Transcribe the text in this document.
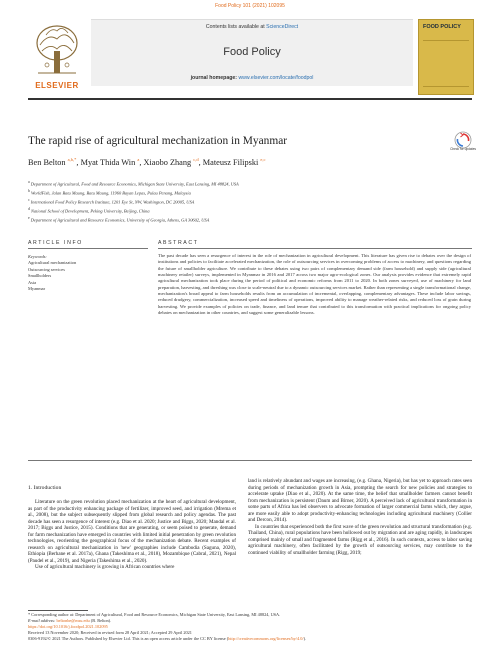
Food Policy 101 (2021) 102095
ELSEVIER
Contents lists available at ScienceDirect
Food Policy
journal homepage: www.elsevier.com/locate/foodpol
FOOD POLICY
The rapid rise of agricultural mechanization in Myanmar
Check for updates
Ben Belton $^{a,b,*}$, Myat Thida Win $^a$, Xiaobo Zhang $^{c,d}$, Mateusz Filipski $^{e,c}$
a Department of Agricultural, Food and Resource Economics, Michigan State University, East Lansing, MI 48824, USA
b WorldFish, Jalan Batu Maung, Batu Maung, 11960 Bayan Lepas, Pulau Penang, Malaysia
c International Food Policy Research Institute, 1201 Eye St, NW, Washington, DC 20005, USA
d National School of Development, Peking University, Beijing, China
e Department of Agricultural and Resource Economics, University of Georgia, Athens, GA 30602, USA
ARTICLE INFO	ABSTRACT
Keywords:
Agricultural mechanization
Outsourcing services
Smallholders
Asia
Myanmar
The past decade has seen a resurgence of interest in the role of mechanization in agricultural development. This literature has given rise to debates over the design of institutions and policies to facilitate accelerated mechanization, the role of outsourcing services in overcoming problems of access to machinery, and questions regarding the future of smallholder agriculture. We contribute to these debates using two pairs of complementary demand side (farm household) and supply side (agricultural machinery retailer) surveys, implemented in Myanmar in 2016 and 2017 across two major agro-ecological zones. Our analysis provides evidence that extremely rapid agricultural mechanization took place during the period of political and economic reforms from 2011 to 2020. In both zones surveyed, use of machinery for land preparation, harvesting, and threshing was close to scale-neutral due to a dynamic outsourcing services market. Rather than representing a single transformational change, mechanization's broad appeal to farm households results from an accumulation of incremental, overlapping, complementary advantages. These include labor savings, reduced drudgery, commercialization, increased speed and timeliness of operations, improved ability to manage weather-related risks, and reduced loss of grain during harvesting. We provide examples of policies on trade, finance, and land tenure that contributed to this transformation with practical implications for ongoing policy debates on mechanization in other countries, and suggest some generalizable lessons.
1. Introduction

Literature on the green revolution placed mechanization at the heart of agricultural development, as part of the productivity enhancing package of fertilizer, improved seed, and irrigation (Mrema et al., 2008), but the subject subsequently slipped from global research and policy agendas. The past decade has seen a resurgence of interest (e.g. Diao et al. 2020; Justice and Biggs, 2020; Mandal et al. 2017; Biggs and Justice, 2015). Conditions that are generating, or seem poised to generate, demand for farm mechanization have emerged in countries with limited initial penetration by green revolution technologies, reorienting the geographical focus of the mechanization debate. Recent examples of research on agricultural mechanization in 'new' geographies include Cambodia (Saguna, 2020), Ethiopia (Berhane et al. 2017a), Ghana (Takeshima et al., 2018), Mozambique (Cabral, 2021), Nepal (Paudel et al., 2019), and Nigeria (Takeshima et al., 2020).

Use of agricultural machinery is growing in African countries where

land is relatively abundant and wages are increasing, (e.g. Ghana, Nigeria), but has yet to approach rates seen during periods of mechanization growth in Asia, prompting the search for new policies and strategies to accelerate uptake (Diao et al., 2020). At the same time, the belief that smallholder farmers cannot benefit from mechanization is persistent (Daum and Birner, 2020). A perceived lack of agricultural transformation in some parts of Africa has led observers to advocate formation of larger commercial farms which, they argue, are more easily able to adopt productivity-enhancing technologies including agricultural machinery (Collier and Dercon, 2014).

In countries that experienced both the first wave of the green revolution and structural transformation (e.g. Thailand, China), rural populations have been hollowed out by migration and are aging rapidly, in landscapes comprised mainly of small and fragmented farms (Rigg et al., 2016). In such contexts, access to labor saving agricultural machinery, often facilitated by the growth of outsourcing services, may contribute to the continued viability of smallholder farming (Rigg, 2019;

* Corresponding author at: Department of Agricultural, Food and Resource Economics, Michigan State University, East Lansing, MI 48824, USA.
E-mail address: beltonbe@msu.edu (B. Belton).
https://doi.org/10.1016/j.foodpol.2021.102095
Received 13 November 2020; Received in revised form 28 April 2021; Accepted 29 April 2021
0306-9192/© 2021 The Authors. Published by Elsevier Ltd. This is an open access article under the CC BY license (http://creativecommons.org/licenses/by/4.0/).
